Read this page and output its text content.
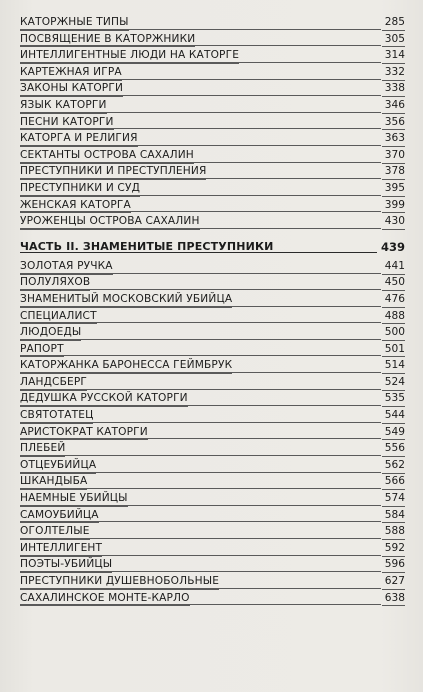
КАТОРЖНЫЕ ТИПЫ	285
ПОСВЯЩЕНИЕ В КАТОРЖНИКИ	305
ИНТЕЛЛИГЕНТНЫЕ ЛЮДИ НА КАТОРГЕ	314
КАРТЕЖНАЯ ИГРА	332
ЗАКОНЫ КАТОРГИ	338
ЯЗЫК КАТОРГИ	346
ПЕСНИ КАТОРГИ	356
КАТОРГА И РЕЛИГИЯ	363
СЕКТАНТЫ ОСТРОВА САХАЛИН	370
ПРЕСТУПНИКИ И ПРЕСТУПЛЕНИЯ	378
ПРЕСТУПНИКИ И СУД	395
ЖЕНСКАЯ КАТОРГА	399
УРОЖЕНЦЫ ОСТРОВА САХАЛИН	430
ЧАСТЬ II. ЗНАМЕНИТЫЕ ПРЕСТУПНИКИ	439
ЗОЛОТАЯ РУЧКА	441
ПОЛУЛЯХОВ	450
ЗНАМЕНИТЫЙ МОСКОВСКИЙ УБИЙЦА	476
СПЕЦИАЛИСТ	488
ЛЮДОЕДЫ	500
РАПОРТ	501
КАТОРЖАНКА БАРОНЕССА ГЕЙМБРУК	514
ЛАНДСБЕРГ	524
ДЕДУШКА РУССКОЙ КАТОРГИ	535
СВЯТОТАТЕЦ	544
АРИСТОКРАТ КАТОРГИ	549
ПЛЕБЕЙ	556
ОТЦЕУБИЙЦА	562
ШКАНДЫБА	566
НАЕМНЫЕ УБИЙЦЫ	574
САМОУБИЙЦА	584
ОГОЛТЕЛЫЕ	588
ИНТЕЛЛИГЕНТ	592
ПОЭТЫ-УБИЙЦЫ	596
ПРЕСТУПНИКИ ДУШЕВНОБОЛЬНЫЕ	627
САХАЛИНСКОЕ МОНТЕ-КАРЛО	638
